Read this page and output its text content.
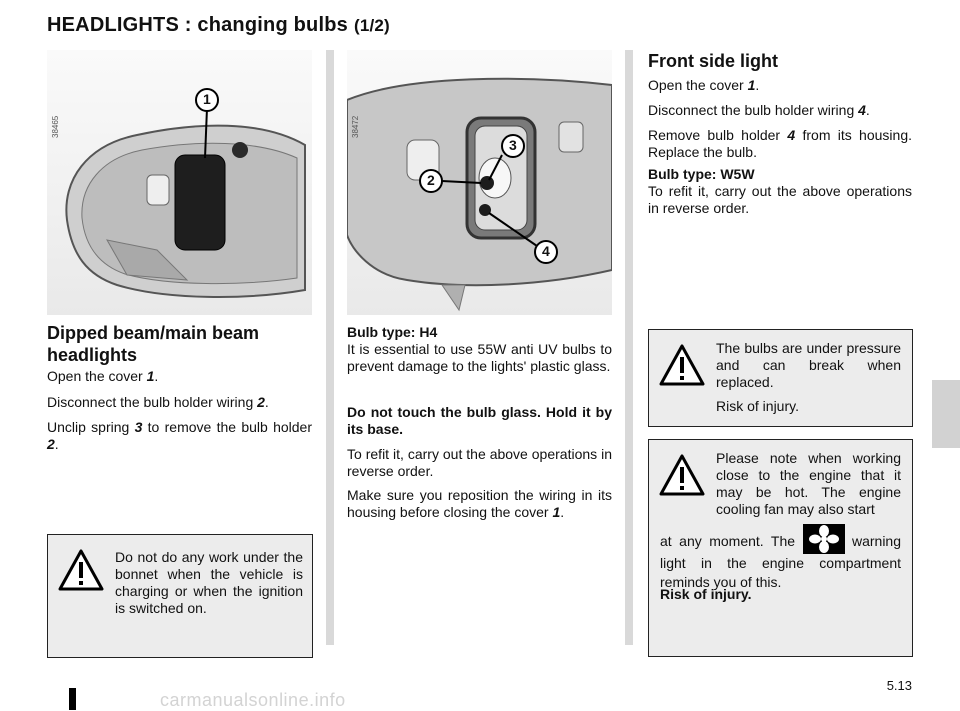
HEADLIGHTS : changing bulbs (1/2)
38465
1
38472
3
2
4
Dipped beam/main beam headlights
Open the cover 1.
Disconnect the bulb holder wiring 2.
Unclip spring 3 to remove the bulb holder 2.
Do not do any work under the bonnet when the vehicle is charging or when the ignition is switched on.
Bulb type: H4
It is essential to use 55W anti UV bulbs to prevent damage to the lights' plastic glass.
Do not touch the bulb glass. Hold it by its base.
To refit it, carry out the above operations in reverse order.
Make sure you reposition the wiring in its housing before closing the cover 1.
Front side light
Open the cover 1.
Disconnect the bulb holder wiring 4.
Remove bulb holder 4 from its housing. Replace the bulb.
Bulb type: W5W
To refit it, carry out the above operations in reverse order.
The bulbs are under pressure and can break when replaced.
Risk of injury.
Please note when working close to the engine that it may be hot. The engine cooling fan may also start
at any moment. The	warning light in the engine compartment reminds you of this.
Risk of injury.
5.13
carmanualsonline.info
